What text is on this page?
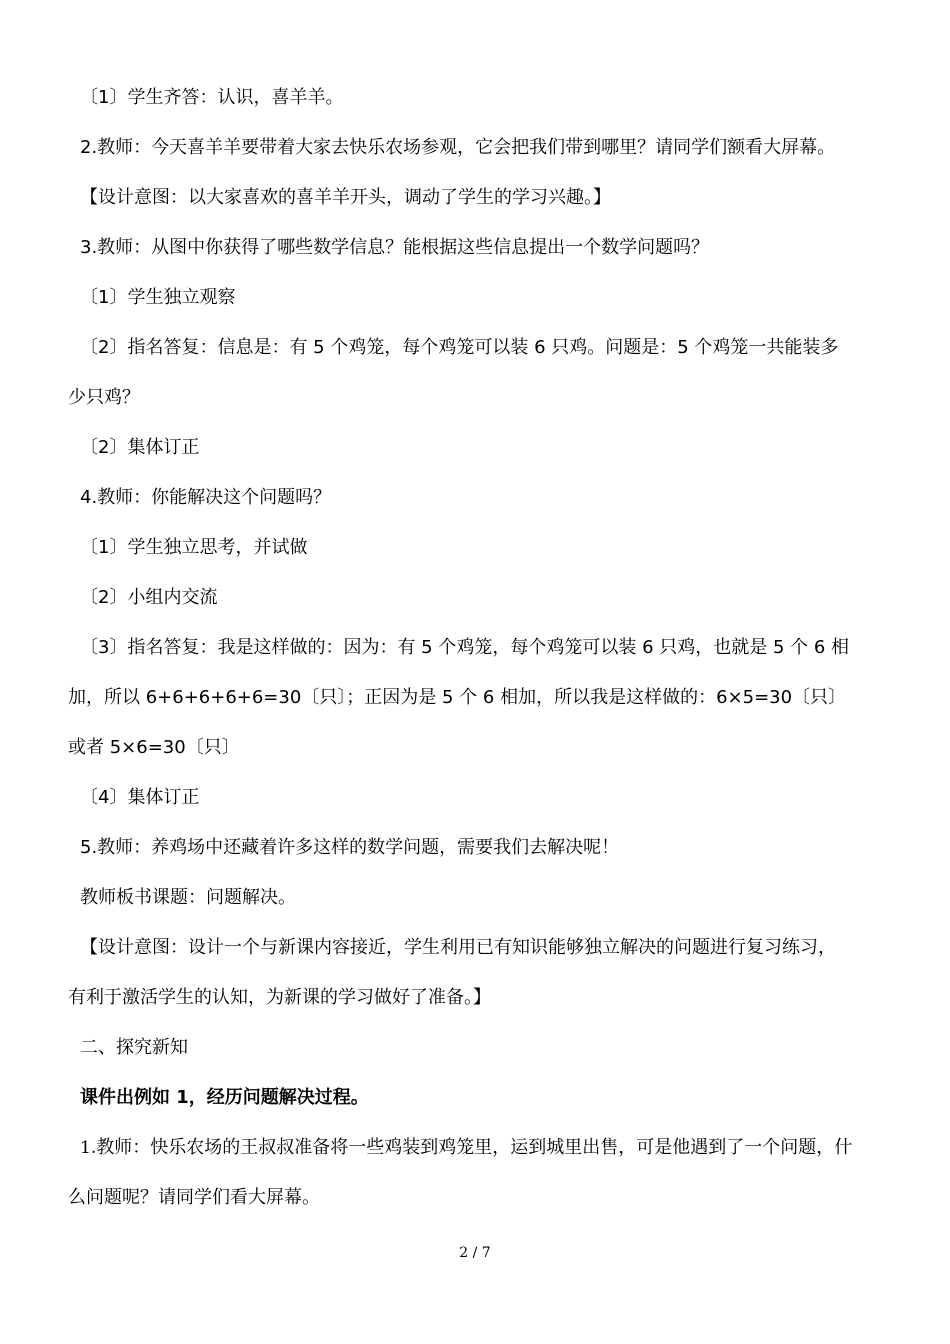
〔1〕学生齐答：认识，喜羊羊。
2.教师：今天喜羊羊要带着大家去快乐农场参观，它会把我们带到哪里？请同学们额看大屏幕。
【设计意图：以大家喜欢的喜羊羊开头，调动了学生的学习兴趣。】
3.教师：从图中你获得了哪些数学信息？能根据这些信息提出一个数学问题吗？
〔1〕学生独立观察
〔2〕指名答复：信息是：有 5 个鸡笼，每个鸡笼可以装 6 只鸡。问题是：5 个鸡笼一共能装多
少只鸡？
〔2〕集体订正
4.教师：你能解决这个问题吗？
〔1〕学生独立思考，并试做
〔2〕小组内交流
〔3〕指名答复：我是这样做的：因为：有 5 个鸡笼，每个鸡笼可以装 6 只鸡，也就是 5 个 6 相
加，所以 6+6+6+6+6=30〔只〕；正因为是 5 个 6 相加，所以我是这样做的：6×5=30〔只〕
或者 5×6=30〔只〕
〔4〕集体订正
5.教师：养鸡场中还藏着许多这样的数学问题，需要我们去解决呢！
教师板书课题：问题解决。
【设计意图：设计一个与新课内容接近，学生利用已有知识能够独立解决的问题进行复习练习，
有利于激活学生的认知，为新课的学习做好了准备。】
二、探究新知
课件出例如 1，经历问题解决过程。
1.教师：快乐农场的王叔叔准备将一些鸡装到鸡笼里，运到城里出售，可是他遇到了一个问题，什
么问题呢？请同学们看大屏幕。
2 / 7
